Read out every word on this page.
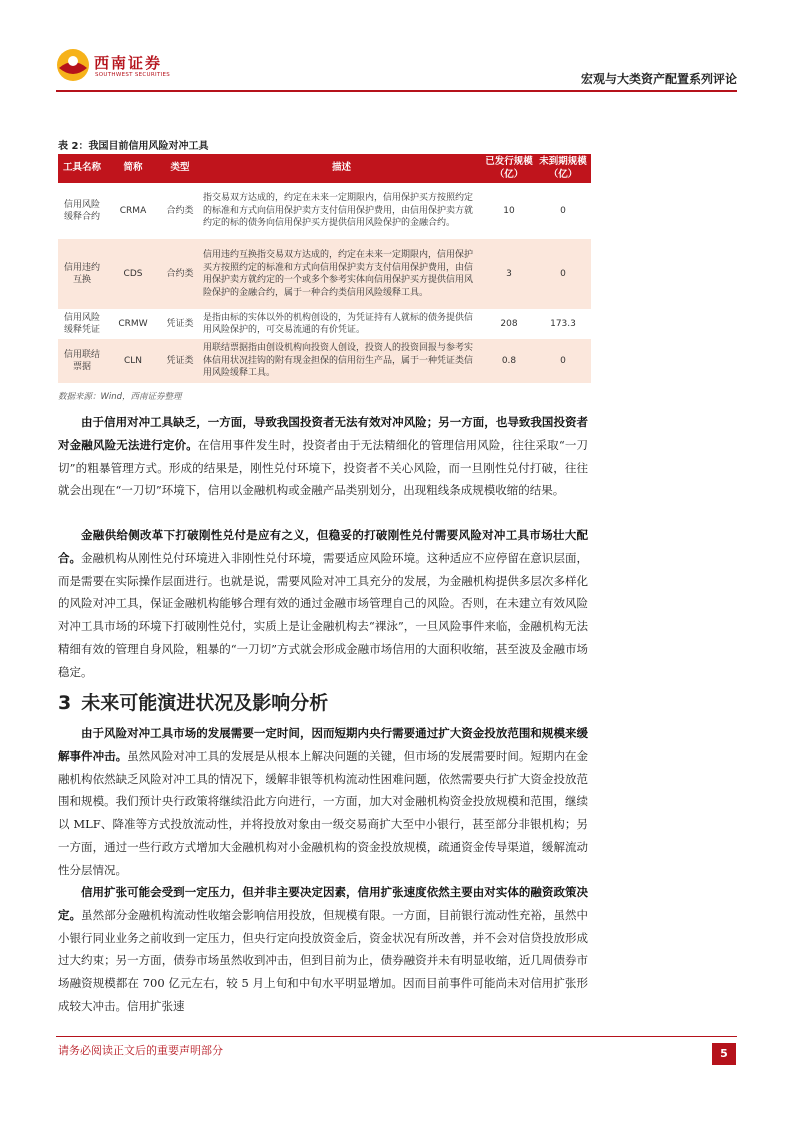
西南证券
SOUTHWEST SECURITIES	宏观与大类资产配置系列评论
表 2：我国目前信用风险对冲工具
工具名称	简称	类型	描述	已发行规模（亿）	未到期规模（亿）
信用风险缓释合约	CRMA	合约类	指交易双方达成的，约定在未来一定期限内，信用保护买方按照约定的标准和方式向信用保护卖方支付信用保护费用，由信用保护卖方就约定的标的债务向信用保护买方提供信用风险保护的金融合约。	10	0
信用违约互换	CDS	合约类	信用违约互换指交易双方达成的，约定在未来一定期限内，信用保护买方按照约定的标准和方式向信用保护卖方支付信用保护费用，由信用保护卖方就约定的一个或多个参考实体向信用保护买方提供信用风险保护的金融合约，属于一种合约类信用风险缓释工具。	3	0
信用风险缓释凭证	CRMW	凭证类	是指由标的实体以外的机构创设的，为凭证持有人就标的债务提供信用风险保护的，可交易流通的有价凭证。	208	173.3
信用联结票据	CLN	凭证类	用联结票据指由创设机构向投资人创设，投资人的投资回报与参考实体信用状况挂钩的附有现金担保的信用衍生产品，属于一种凭证类信用风险缓释工具。	0.8	0
数据来源：Wind，西南证券整理
由于信用对冲工具缺乏，一方面，导致我国投资者无法有效对冲风险；另一方面，也导致我国投资者对金融风险无法进行定价。在信用事件发生时，投资者由于无法精细化的管理信用风险，往往采取“一刀切”的粗暴管理方式。形成的结果是，刚性兑付环境下，投资者不关心风险，而一旦刚性兑付打破，往往就会出现在“一刀切”环境下，信用以金融机构或金融产品类别划分，出现粗线条成规模收缩的结果。
金融供给侧改革下打破刚性兑付是应有之义，但稳妥的打破刚性兑付需要风险对冲工具市场壮大配合。金融机构从刚性兑付环境进入非刚性兑付环境，需要适应风险环境。这种适应不应停留在意识层面，而是需要在实际操作层面进行。也就是说，需要风险对冲工具充分的发展，为金融机构提供多层次多样化的风险对冲工具，保证金融机构能够合理有效的通过金融市场管理自己的风险。否则，在未建立有效风险对冲工具市场的环境下打破刚性兑付，实质上是让金融机构去“裸泳”，一旦风险事件来临，金融机构无法精细有效的管理自身风险，粗暴的“一刀切”方式就会形成金融市场信用的大面积收缩，甚至波及金融市场稳定。
3 未来可能演进状况及影响分析
由于风险对冲工具市场的发展需要一定时间，因而短期内央行需要通过扩大资金投放范围和规模来缓解事件冲击。虽然风险对冲工具的发展是从根本上解决问题的关键，但市场的发展需要时间。短期内在金融机构依然缺乏风险对冲工具的情况下，缓解非银等机构流动性困难问题，依然需要央行扩大资金投放范围和规模。我们预计央行政策将继续沿此方向进行，一方面，加大对金融机构资金投放规模和范围，继续以 MLF、降准等方式投放流动性，并将投放对象由一级交易商扩大至中小银行，甚至部分非银机构；另一方面，通过一些行政方式增加大金融机构对小金融机构的资金投放规模，疏通资金传导渠道，缓解流动性分层情况。
信用扩张可能会受到一定压力，但并非主要决定因素，信用扩张速度依然主要由对实体的融资政策决定。虽然部分金融机构流动性收缩会影响信用投放，但规模有限。一方面，目前银行流动性充裕，虽然中小银行同业业务之前收到一定压力，但央行定向投放资金后，资金状况有所改善，并不会对信贷投放形成过大约束；另一方面，债券市场虽然收到冲击，但到目前为止，债券融资并未有明显收缩，近几周债券市场融资规模都在 700 亿元左右，较 5 月上旬和中旬水平明显增加。因而目前事件可能尚未对信用扩张形成较大冲击。信用扩张速
请务必阅读正文后的重要声明部分	5
